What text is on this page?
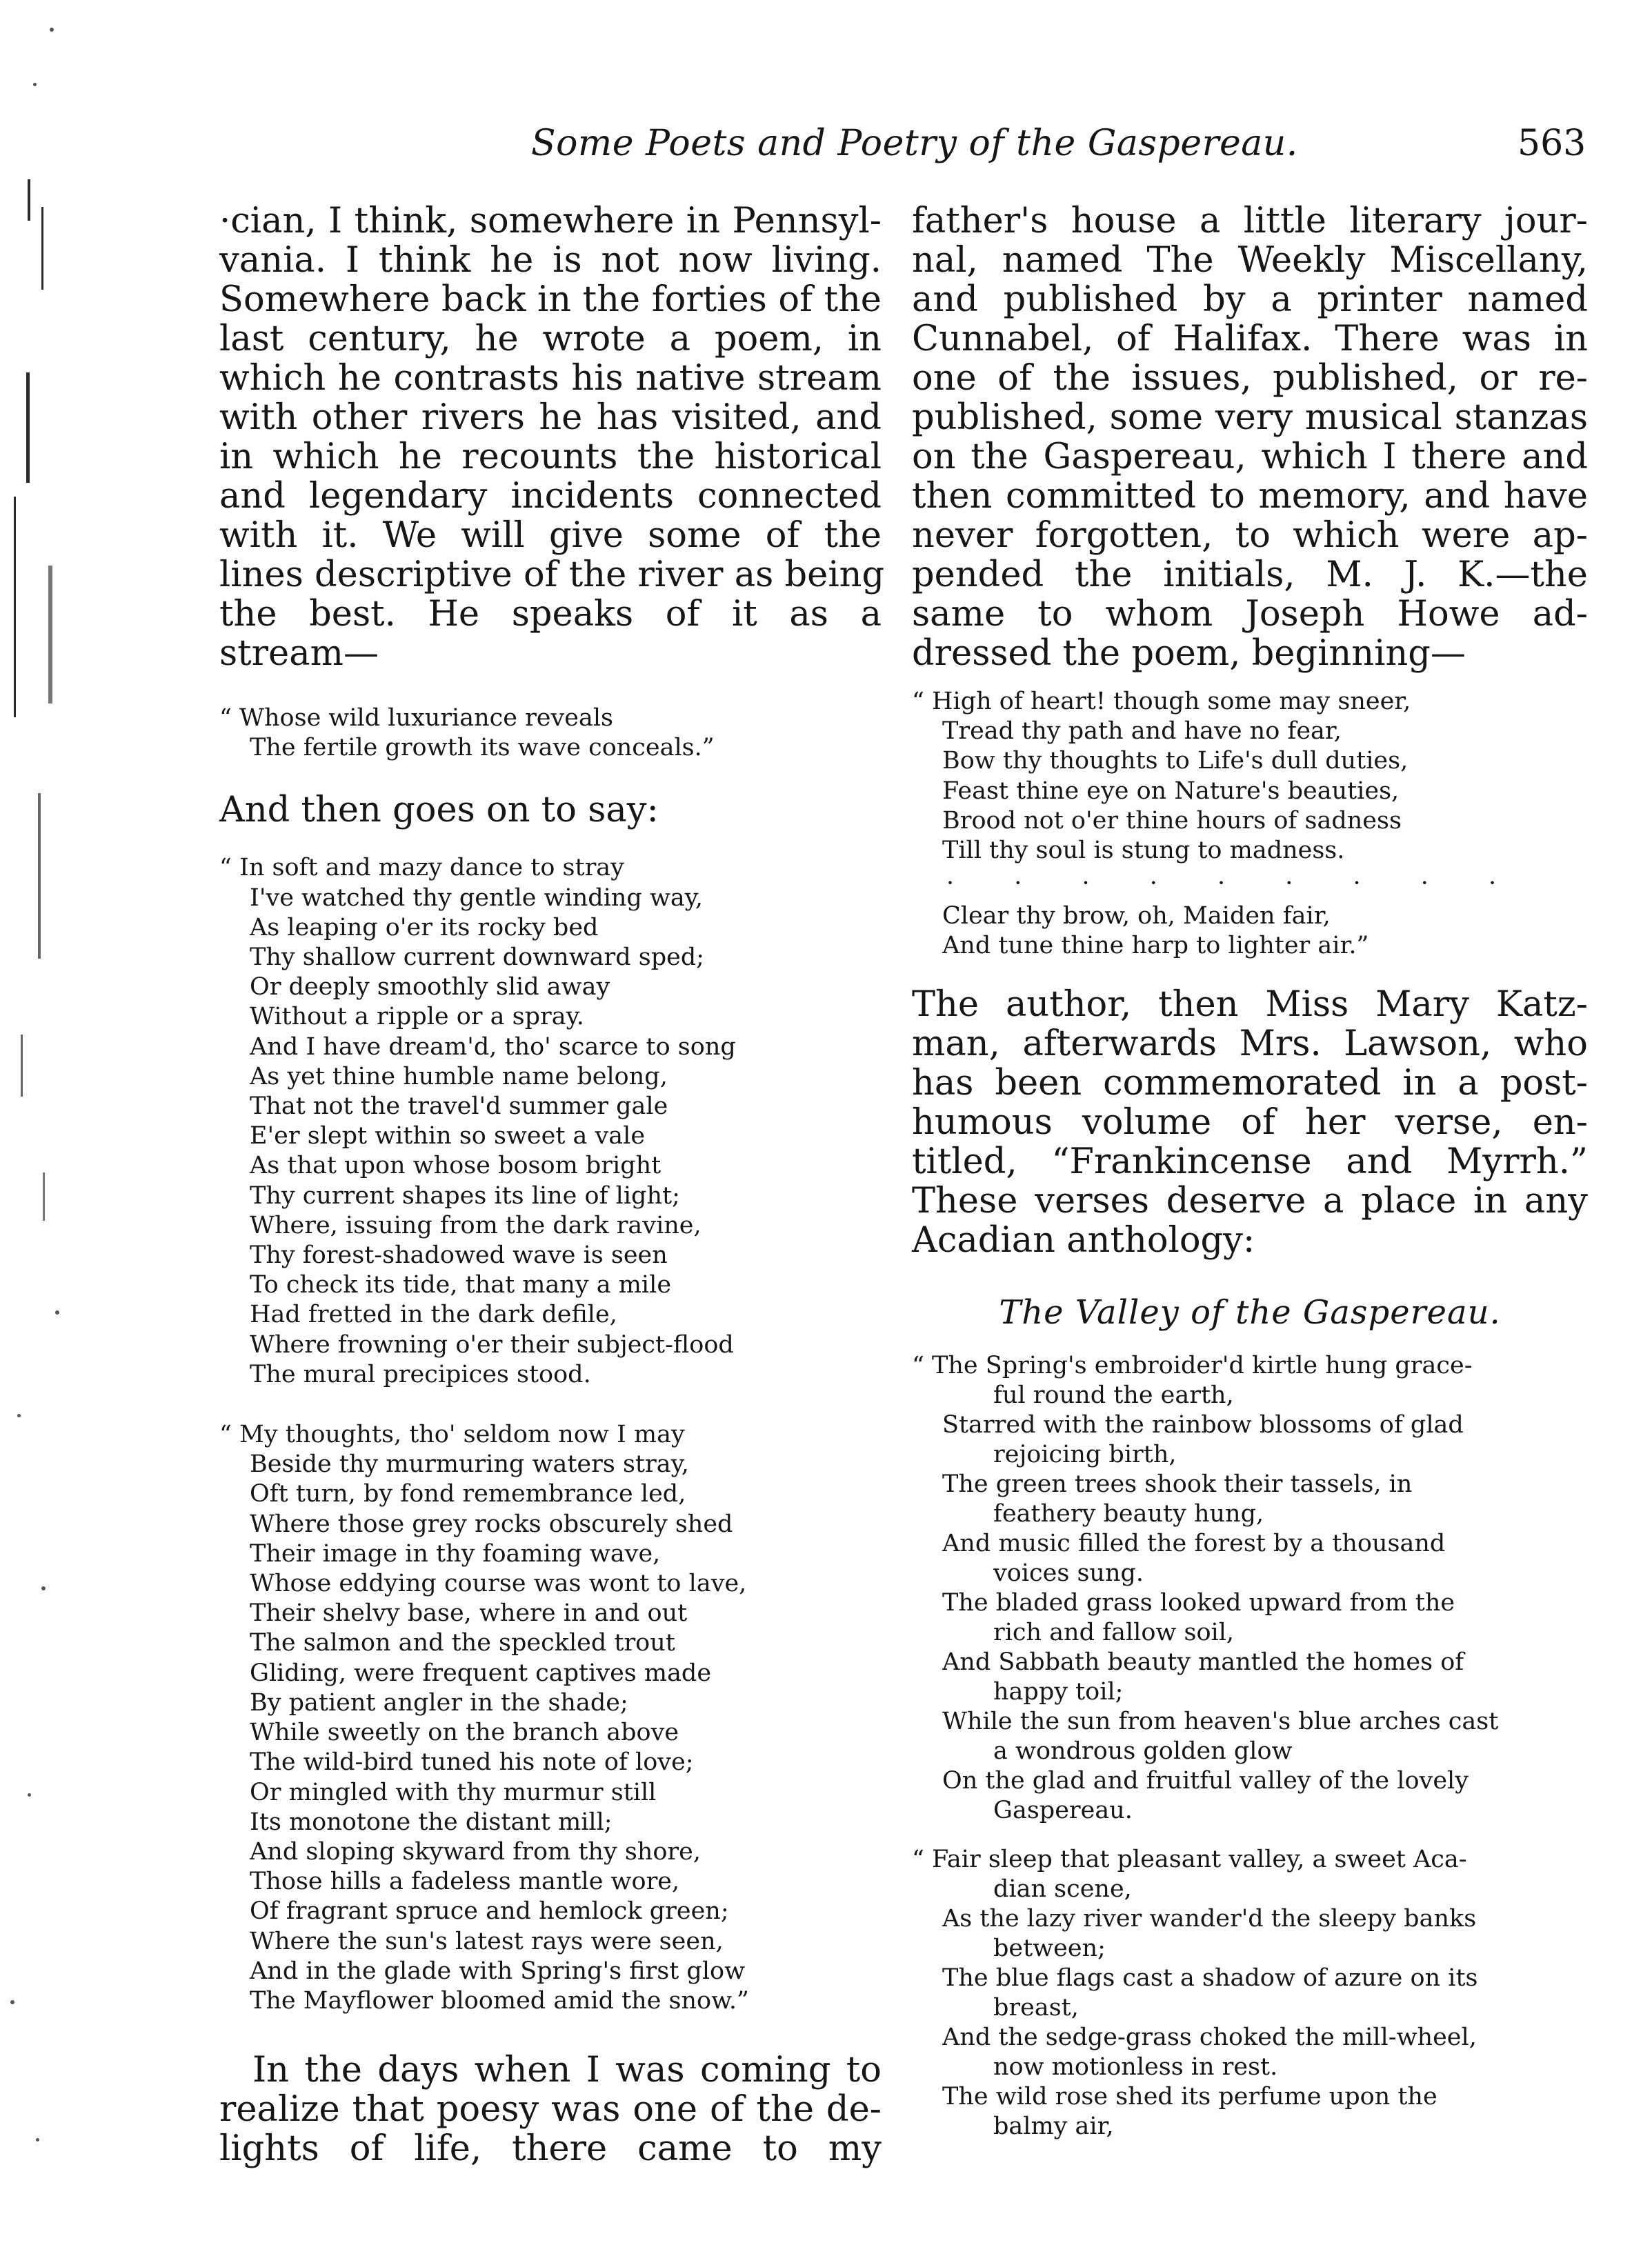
Some Poets and Poetry of the Gaspereau.	563
·cian, I think, somewhere in Pennsyl-
vania. I think he is not now living.
Somewhere back in the forties of the
last century, he wrote a poem, in
which he contrasts his native stream
with other rivers he has visited, and
in which he recounts the historical
and legendary incidents connected
with it. We will give some of the
lines descriptive of the river as being
the best. He speaks of it as a
stream—
“ Whose wild luxuriance reveals
The fertile growth its wave conceals.”
And then goes on to say:
“ In soft and mazy dance to stray
I've watched thy gentle winding way,
As leaping o'er its rocky bed
Thy shallow current downward sped;
Or deeply smoothly slid away
Without a ripple or a spray.
And I have dream'd, tho' scarce to song
As yet thine humble name belong,
That not the travel'd summer gale
E'er slept within so sweet a vale
As that upon whose bosom bright
Thy current shapes its line of light;
Where, issuing from the dark ravine,
Thy forest-shadowed wave is seen
To check its tide, that many a mile
Had fretted in the dark defile,
Where frowning o'er their subject-flood
The mural precipices stood.
“ My thoughts, tho' seldom now I may
Beside thy murmuring waters stray,
Oft turn, by fond remembrance led,
Where those grey rocks obscurely shed
Their image in thy foaming wave,
Whose eddying course was wont to lave,
Their shelvy base, where in and out
The salmon and the speckled trout
Gliding, were frequent captives made
By patient angler in the shade;
While sweetly on the branch above
The wild-bird tuned his note of love;
Or mingled with thy murmur still
Its monotone the distant mill;
And sloping skyward from thy shore,
Those hills a fadeless mantle wore,
Of fragrant spruce and hemlock green;
Where the sun's latest rays were seen,
And in the glade with Spring's first glow
The Mayflower bloomed amid the snow.”
In the days when I was coming to
realize that poesy was one of the de-
lights of life, there came to my
father's house a little literary jour-
nal, named The Weekly Miscellany,
and published by a printer named
Cunnabel, of Halifax. There was in
one of the issues, published, or re-
published, some very musical stanzas
on the Gaspereau, which I there and
then committed to memory, and have
never forgotten, to which were ap-
pended the initials, M. J. K.—the
same to whom Joseph Howe ad-
dressed the poem, beginning—
“ High of heart! though some may sneer,
Tread thy path and have no fear,
Bow thy thoughts to Life's dull duties,
Feast thine eye on Nature's beauties,
Brood not o'er thine hours of sadness
Till thy soul is stung to madness.
· · · · · · · · ·
Clear thy brow, oh, Maiden fair,
And tune thine harp to lighter air.”
The author, then Miss Mary Katz-
man, afterwards Mrs. Lawson, who
has been commemorated in a post-
humous volume of her verse, en-
titled, “Frankincense and Myrrh.”
These verses deserve a place in any
Acadian anthology:
The Valley of the Gaspereau.
“ The Spring's embroider'd kirtle hung grace-
ful round the earth,
Starred with the rainbow blossoms of glad
rejoicing birth,
The green trees shook their tassels, in
feathery beauty hung,
And music filled the forest by a thousand
voices sung.
The bladed grass looked upward from the
rich and fallow soil,
And Sabbath beauty mantled the homes of
happy toil;
While the sun from heaven's blue arches cast
a wondrous golden glow
On the glad and fruitful valley of the lovely
Gaspereau.
“ Fair sleep that pleasant valley, a sweet Aca-
dian scene,
As the lazy river wander'd the sleepy banks
between;
The blue flags cast a shadow of azure on its
breast,
And the sedge-grass choked the mill-wheel,
now motionless in rest.
The wild rose shed its perfume upon the
balmy air,
